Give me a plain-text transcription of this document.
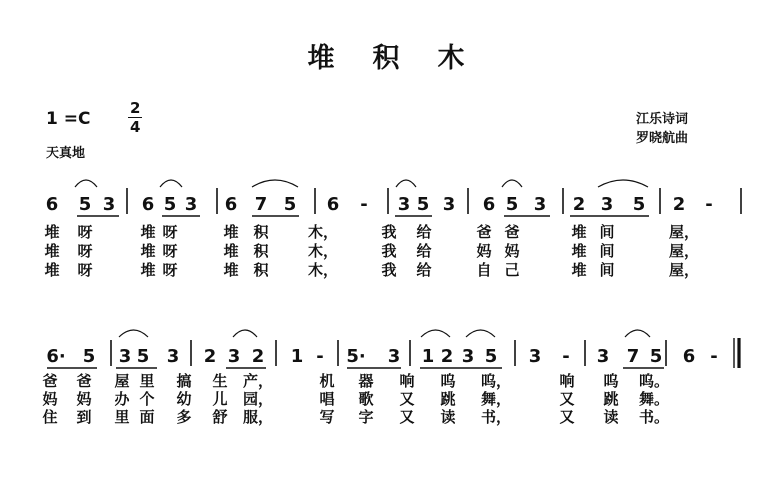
堆积木
1 =C
2
4
天真地
江乐诗词
罗晓航曲
6 5 3 6 5 3 6 7 5 6 - 3 5 3 6 5 3 2 3 5 2 -
堆 呀	堆 呀	堆 积	木，	我 给	爸 爸	堆 间	屋，
堆 呀	堆 呀	堆 积	木，	我 给	妈 妈	堆 间	屋，
堆 呀	堆 呀	堆 积	木，	我 给	自 己	堆 间	屋，
6· 5 3 5 3 2 3 2 1 - 5· 3 1 2 3 5 3 - 3 7 5 6 -
爸 爸 屋 里 搞 生 产，	机 器 响 呜 呜，	响 呜 呜。
妈 妈 办 个 幼 儿 园，	唱 歌 又 跳 舞，	又 跳 舞。
住 到 里 面 多 舒 服，	写 字 又 读 书，	又 读 书。
